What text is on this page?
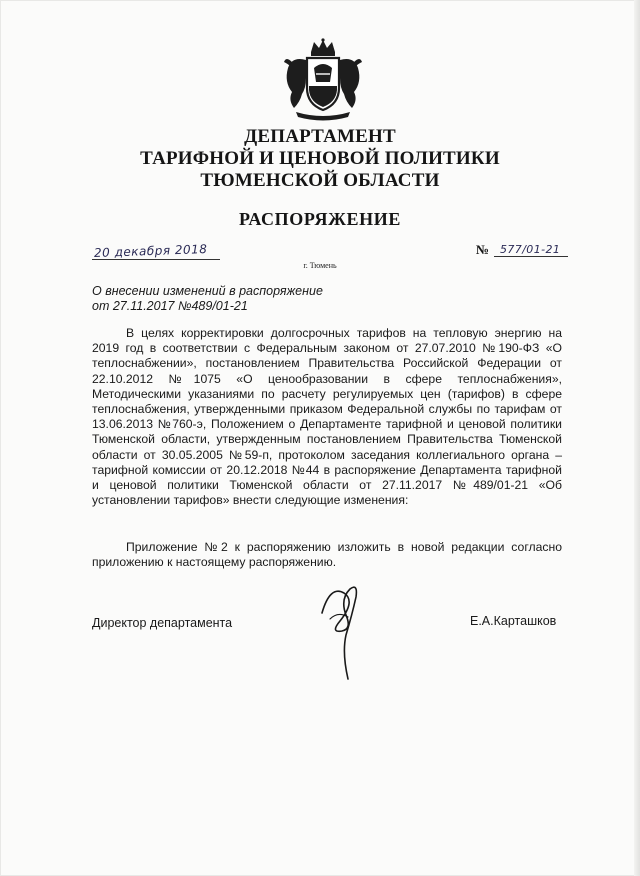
ДЕПАРТАМЕНТ
ТАРИФНОЙ И ЦЕНОВОЙ ПОЛИТИКИ
ТЮМЕНСКОЙ ОБЛАСТИ
РАСПОРЯЖЕНИЕ
20 декабря 2018
г. Тюмень
№ 577/01-21
О внесении изменений в распоряжение
от 27.11.2017 №489/01-21
В целях корректировки долгосрочных тарифов на тепловую энергию на 2019 год в соответствии с Федеральным законом от 27.07.2010 №190-ФЗ «О теплоснабжении», постановлением Правительства Российской Федерации от 22.10.2012 №1075 «О ценообразовании в сфере теплоснабжения», Методическими указаниями по расчету регулируемых цен (тарифов) в сфере теплоснабжения, утвержденными приказом Федеральной службы по тарифам от 13.06.2013 №760-э, Положением о Департаменте тарифной и ценовой политики Тюменской области, утвержденным постановлением Правительства Тюменской области от 30.05.2005 №59-п, протоколом заседания коллегиального органа – тарифной комиссии от 20.12.2018 №44 в распоряжение Департамента тарифной и ценовой политики Тюменской области от 27.11.2017 №489/01-21 «Об установлении тарифов» внести следующие изменения:
Приложение №2 к распоряжению изложить в новой редакции согласно приложению к настоящему распоряжению.
Директор департамента	Е.А.Карташков
